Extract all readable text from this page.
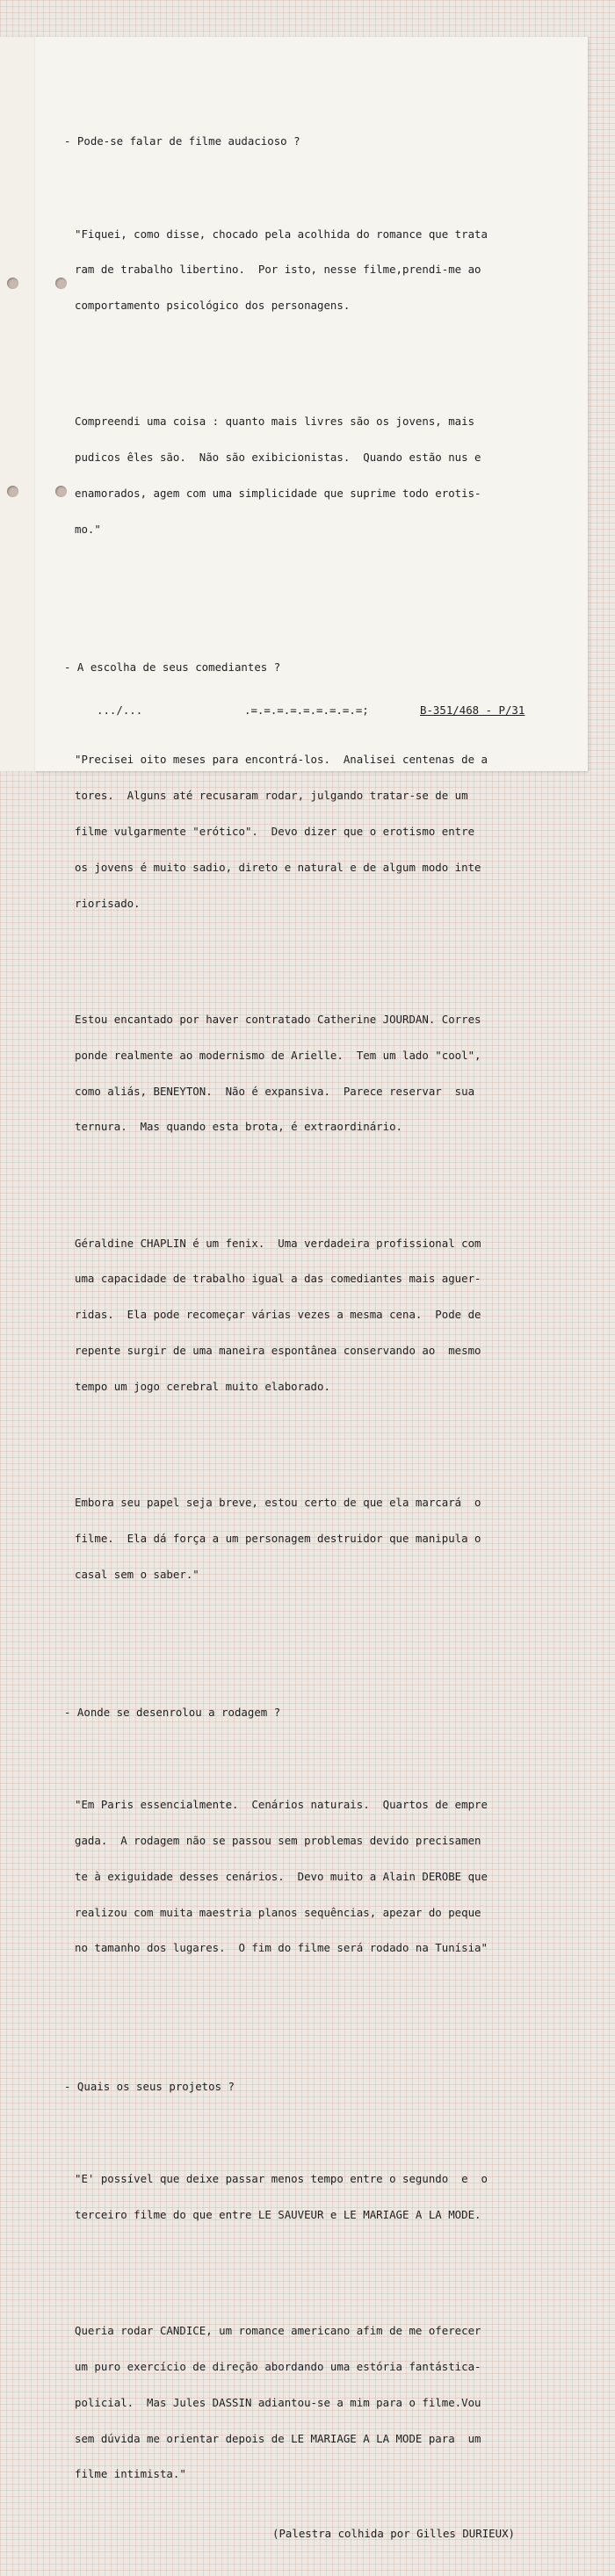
- Pode-se falar de filme audacioso ?

"Fiquei, como disse, chocado pela acolhida do romance que trata

ram de trabalho libertino.  Por isto, nesse filme,prendi-me ao

comportamento psicológico dos personagens.

Compreendi uma coisa : quanto mais livres são os jovens, mais

pudicos êles são.  Não são exibicionistas.  Quando estão nus e

enamorados, agem com uma simplicidade que suprime todo erotis-

mo."

- A escolha de seus comediantes ?

"Precisei oito meses para encontrá-los.  Analisei centenas de a

tores.  Alguns até recusaram rodar, julgando tratar-se de um

filme vulgarmente "erótico".  Devo dizer que o erotismo entre

os jovens é muito sadio, direto e natural e de algum modo inte

riorisado.

Estou encantado por haver contratado Catherine JOURDAN. Corres

ponde realmente ao modernismo de Arielle.  Tem um lado "cool",

como aliás, BENEYTON.  Não é expansiva.  Parece reservar  sua

ternura.  Mas quando esta brota, é extraordinário.

Géraldine CHAPLIN é um fenix.  Uma verdadeira profissional com

uma capacidade de trabalho igual a das comediantes mais aguer-

ridas.  Ela pode recomeçar várias vezes a mesma cena.  Pode de

repente surgir de uma maneira espontânea conservando ao  mesmo

tempo um jogo cerebral muito elaborado.

Embora seu papel seja breve, estou certo de que ela marcará  o

filme.  Ela dá força a um personagem destruidor que manipula o

casal sem o saber."

- Aonde se desenrolou a rodagem ?

"Em Paris essencialmente.  Cenários naturais.  Quartos de empre

gada.  A rodagem não se passou sem problemas devido precisamen

te à exiguidade desses cenários.  Devo muito a Alain DEROBE que

realizou com muita maestria planos sequências, apezar do peque

no tamanho dos lugares.  O fim do filme será rodado na Tunísia"

- Quais os seus projetos ?

"E' possível que deixe passar menos tempo entre o segundo  e  o

terceiro filme do que entre LE SAUVEUR e LE MARIAGE A LA MODE.

Queria rodar CANDICE, um romance americano afim de me oferecer

um puro exercício de direção abordando uma estória fantástica-

policial.  Mas Jules DASSIN adiantou-se a mim para o filme.Vou

sem dúvida me orientar depois de LE MARIAGE A LA MODE para  um

filme intimista."

(Palestra colhida por Gilles DURIEUX)

.../...	.=.=.=.=.=.=.=.=.=;	B-351/468 - P/31
